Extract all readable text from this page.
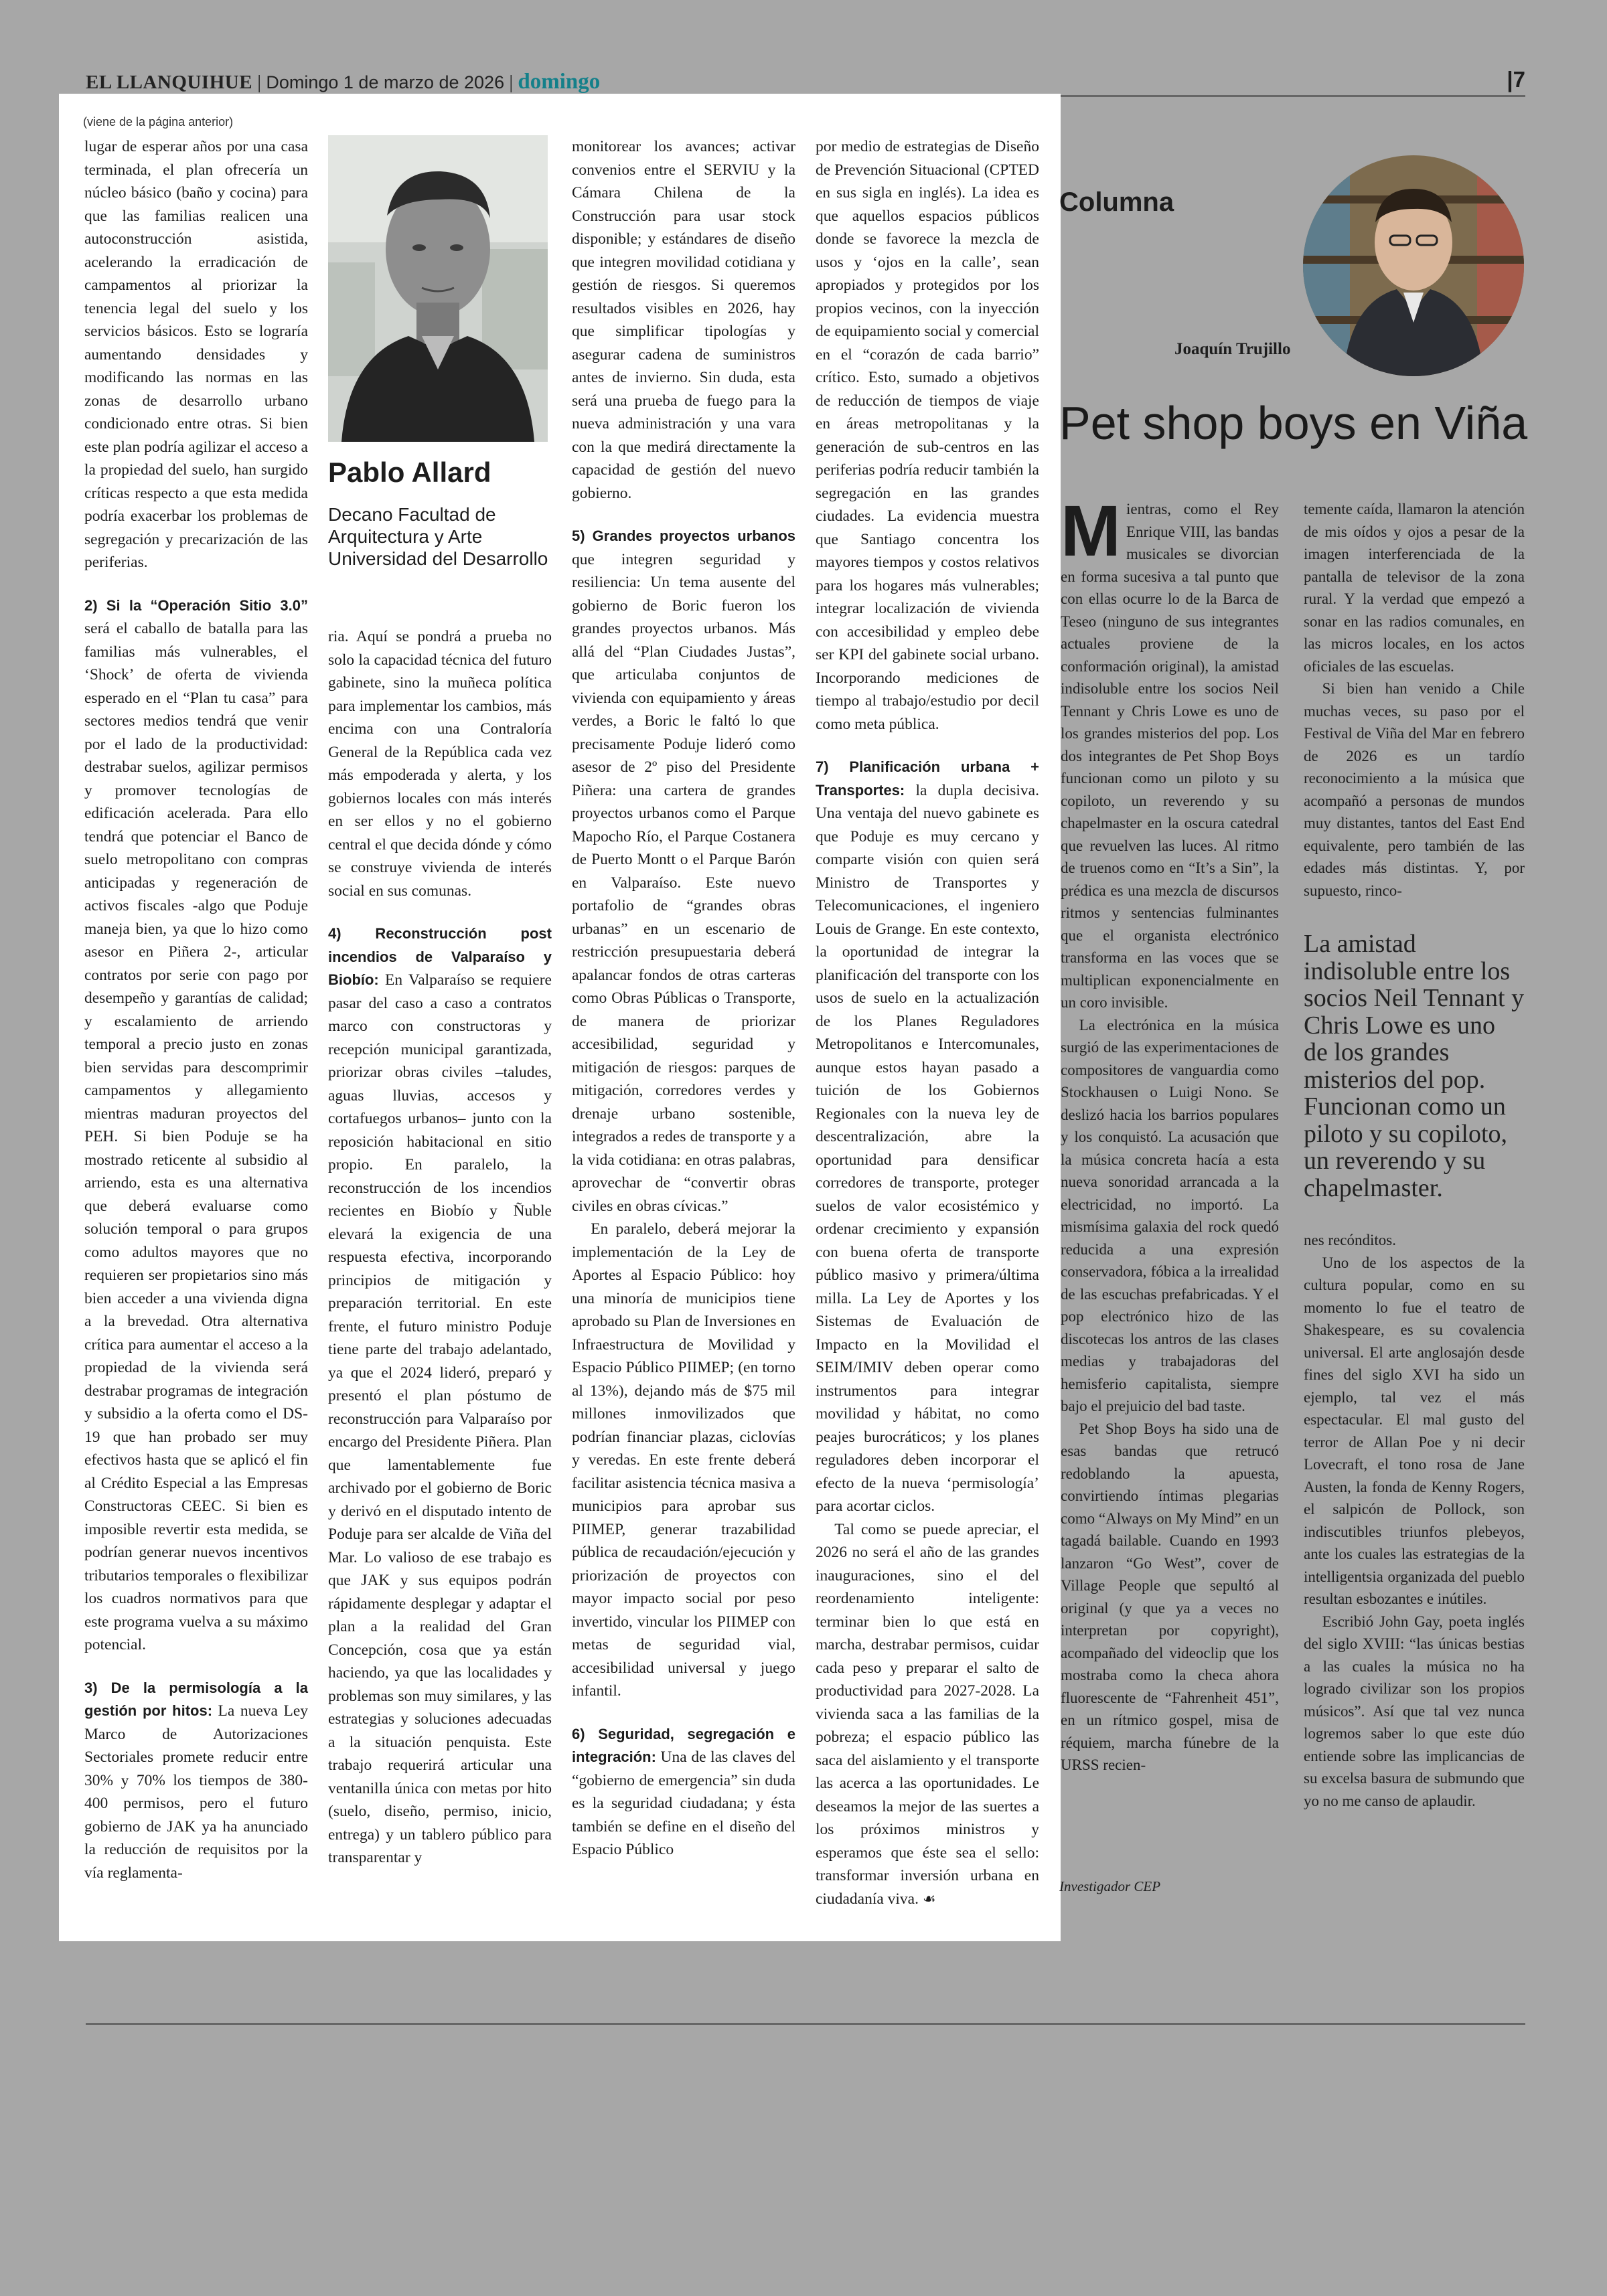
EL LLANQUIHUE | Domingo 1 de marzo de 2026 | domingo	|7
(viene de la página anterior)

lugar de esperar años por una casa terminada, el plan ofrecería un núcleo básico (baño y cocina) para que las familias realicen una autoconstrucción asistida, acelerando la erradicación de campamentos al priorizar la tenencia legal del suelo y los servicios básicos. Esto se lograría aumentando densidades y modificando las normas en las zonas de desarrollo urbano condicionado entre otras. Si bien este plan podría agilizar el acceso a la propiedad del suelo, han surgido críticas respecto a que esta medida podría exacerbar los problemas de segregación y precarización de las periferias.

2) Si la “Operación Sitio 3.0” será el caballo de batalla para las familias más vulnerables, el ‘Shock’ de oferta de vivienda esperado en el “Plan tu casa” para sectores medios tendrá que venir por el lado de la productividad: destrabar suelos, agilizar permisos y promover tecnologías de edificación acelerada. Para ello tendrá que potenciar el Banco de suelo metropolitano con compras anticipadas y regeneración de activos fiscales -algo que Poduje maneja bien, ya que lo hizo como asesor en Piñera 2-, articular contratos por serie con pago por desempeño y garantías de calidad; y escalamiento de arriendo temporal a precio justo en zonas bien servidas para descomprimir campamentos y allegamiento mientras maduran proyectos del PEH. Si bien Poduje se ha mostrado reticente al subsidio al arriendo, esta es una alternativa que deberá evaluarse como solución temporal o para grupos como adultos mayores que no requieren ser propietarios sino más bien acceder a una vivienda digna a la brevedad. Otra alternativa crítica para aumentar el acceso a la propiedad de la vivienda será destrabar programas de integración y subsidio a la oferta como el DS-19 que han probado ser muy efectivos hasta que se aplicó el fin al Crédito Especial a las Empresas Constructoras CEEC. Si bien es imposible revertir esta medida, se podrían generar nuevos incentivos tributarios temporales o flexibilizar los cuadros normativos para que este programa vuelva a su máximo potencial.

3) De la permisología a la gestión por hitos: La nueva Ley Marco de Autorizaciones Sectoriales promete reducir entre 30% y 70% los tiempos de 380-400 permisos, pero el futuro gobierno de JAK ya ha anunciado la reducción de requisitos por la vía reglamenta-

Pablo Allard
Decano Facultad de Arquitectura y Arte Universidad del Desarrollo

ria. Aquí se pondrá a prueba no solo la capacidad técnica del futuro gabinete, sino la muñeca política para implementar los cambios, más encima con una Contraloría General de la República cada vez más empoderada y alerta, y los gobiernos locales con más interés en ser ellos y no el gobierno central el que decida dónde y cómo se construye vivienda de interés social en sus comunas.

4) Reconstrucción post incendios de Valparaíso y Biobío: En Valparaíso se requiere pasar del caso a caso a contratos marco con constructoras y recepción municipal garantizada, priorizar obras civiles –taludes, aguas lluvias, accesos y cortafuegos urbanos– junto con la reposición habitacional en sitio propio. En paralelo, la reconstrucción de los incendios recientes en Biobío y Ñuble elevará la exigencia de una respuesta efectiva, incorporando principios de mitigación y preparación territorial. En este frente, el futuro ministro Poduje tiene parte del trabajo adelantado, ya que el 2024 lideró, preparó y presentó el plan póstumo de reconstrucción para Valparaíso por encargo del Presidente Piñera. Plan que lamentablemente fue archivado por el gobierno de Boric y derivó en el disputado intento de Poduje para ser alcalde de Viña del Mar. Lo valioso de ese trabajo es que JAK y sus equipos podrán rápidamente desplegar y adaptar el plan a la realidad del Gran Concepción, cosa que ya están haciendo, ya que las localidades y problemas son muy similares, y las estrategias y soluciones adecuadas a la situación penquista. Este trabajo requerirá articular una ventanilla única con metas por hito (suelo, diseño, permiso, inicio, entrega) y un tablero público para transparentar y

monitorear los avances; activar convenios entre el SERVIU y la Cámara Chilena de la Construcción para usar stock disponible; y estándares de diseño que integren movilidad cotidiana y gestión de riesgos. Si queremos resultados visibles en 2026, hay que simplificar tipologías y asegurar cadena de suministros antes de invierno. Sin duda, esta será una prueba de fuego para la nueva administración y una vara con la que medirá directamente la capacidad de gestión del nuevo gobierno.

5) Grandes proyectos urbanos que integren seguridad y resiliencia: Un tema ausente del gobierno de Boric fueron los grandes proyectos urbanos. Más allá del “Plan Ciudades Justas”, que articulaba conjuntos de vivienda con equipamiento y áreas verdes, a Boric le faltó lo que precisamente Poduje lideró como asesor de 2º piso del Presidente Piñera: una cartera de grandes proyectos urbanos como el Parque Mapocho Río, el Parque Costanera de Puerto Montt o el Parque Barón en Valparaíso. Este nuevo portafolio de “grandes obras urbanas” en un escenario de restricción presupuestaria deberá apalancar fondos de otras carteras como Obras Públicas o Transporte, de manera de priorizar accesibilidad, seguridad y mitigación de riesgos: parques de mitigación, corredores verdes y drenaje urbano sostenible, integrados a redes de transporte y a la vida cotidiana: en otras palabras, aprovechar de “convertir obras civiles en obras cívicas.”

En paralelo, deberá mejorar la implementación de la Ley de Aportes al Espacio Público: hoy una minoría de municipios tiene aprobado su Plan de Inversiones en Infraestructura de Movilidad y Espacio Público PIIMEP; (en torno al 13%), dejando más de $75 mil millones inmovilizados que podrían financiar plazas, ciclovías y veredas. En este frente deberá facilitar asistencia técnica masiva a municipios para aprobar sus PIIMEP, generar trazabilidad pública de recaudación/ejecución y priorización de proyectos con mayor impacto social por peso invertido, vincular los PIIMEP con metas de seguridad vial, accesibilidad universal y juego infantil.

6) Seguridad, segregación e integración: Una de las claves del “gobierno de emergencia” sin duda es la seguridad ciudadana; y ésta también se define en el diseño del Espacio Público

por medio de estrategias de Diseño de Prevención Situacional (CPTED en sus sigla en inglés). La idea es que aquellos espacios públicos donde se favorece la mezcla de usos y ‘ojos en la calle’, sean apropiados y protegidos por los propios vecinos, con la inyección de equipamiento social y comercial en el “corazón de cada barrio” crítico. Esto, sumado a objetivos de reducción de tiempos de viaje en áreas metropolitanas y la generación de sub-centros en las periferias podría reducir también la segregación en las grandes ciudades. La evidencia muestra que Santiago concentra los mayores tiempos y costos relativos para los hogares más vulnerables; integrar localización de vivienda con accesibilidad y empleo debe ser KPI del gabinete social urbano. Incorporando mediciones de tiempo al trabajo/estudio por decil como meta pública.

7) Planificación urbana + Transportes: la dupla decisiva. Una ventaja del nuevo gabinete es que Poduje es muy cercano y comparte visión con quien será Ministro de Transportes y Telecomunicaciones, el ingeniero Louis de Grange. En este contexto, la oportunidad de integrar la planificación del transporte con los usos de suelo en la actualización de los Planes Reguladores Metropolitanos e Intercomunales, aunque estos hayan pasado a tuición de los Gobiernos Regionales con la nueva ley de descentralización, abre la oportunidad para densificar corredores de transporte, proteger suelos de valor ecosistémico y ordenar crecimiento y expansión con buena oferta de transporte público masivo y primera/última milla. La Ley de Aportes y los Sistemas de Evaluación de Impacto en la Movilidad el SEIM/IMIV deben operar como instrumentos para integrar movilidad y hábitat, no como peajes burocráticos; y los planes reguladores deben incorporar el efecto de la nueva ‘permisología’ para acortar ciclos.

Tal como se puede apreciar, el 2026 no será el año de las grandes inauguraciones, sino el del reordenamiento inteligente: terminar bien lo que está en marcha, destrabar permisos, cuidar cada peso y preparar el salto de productividad para 2027-2028. La vivienda saca a las familias de la pobreza; el espacio público las saca del aislamiento y el transporte las acerca a las oportunidades. Le deseamos la mejor de las suertes a los próximos ministros y esperamos que éste sea el sello: transformar inversión urbana en ciudadanía viva. ☙

Columna
Joaquín Trujillo
Pet shop boys en Viña

Mientras, como el Rey Enrique VIII, las bandas musicales se divorcian en forma sucesiva a tal punto que con ellas ocurre lo de la Barca de Teseo (ninguno de sus integrantes actuales proviene de la conformación original), la amistad indisoluble entre los socios Neil Tennant y Chris Lowe es uno de los grandes misterios del pop. Los dos integrantes de Pet Shop Boys funcionan como un piloto y su copiloto, un reverendo y su chapelmaster en la oscura catedral que revuelven las luces. Al ritmo de truenos como en “It’s a Sin”, la prédica es una mezcla de discursos ritmos y sentencias fulminantes que el organista electrónico transforma en las voces que se multiplican exponencialmente en un coro invisible.

La electrónica en la música surgió de las experimentaciones de compositores de vanguardia como Stockhausen o Luigi Nono. Se deslizó hacia los barrios populares y los conquistó. La acusación que la música concreta hacía a esta nueva sonoridad arrancada a la electricidad, no importó. La mismísima galaxia del rock quedó reducida a una expresión conservadora, fóbica a la irrealidad de las escuchas prefabricadas. Y el pop electrónico hizo de las discotecas los antros de las clases medias y trabajadoras del hemisferio capitalista, siempre bajo el prejuicio del bad taste.

Pet Shop Boys ha sido una de esas bandas que retrucó redoblando la apuesta, convirtiendo íntimas plegarias como “Always on My Mind” en un tagadá bailable. Cuando en 1993 lanzaron “Go West”, cover de Village People que sepultó al original (y que ya a veces no interpretan por copyright), acompañado del videoclip que los mostraba como la checa ahora fluorescente de “Fahrenheit 451”, en un rítmico gospel, misa de réquiem, marcha fúnebre de la URSS recien-

temente caída, llamaron la atención de mis oídos y ojos a pesar de la imagen interferenciada de la pantalla de televisor de la zona rural. Y la verdad que empezó a sonar en las radios comunales, en las micros locales, en los actos oficiales de las escuelas.

Si bien han venido a Chile muchas veces, su paso por el Festival de Viña del Mar en febrero de 2026 es un tardío reconocimiento a la música que acompañó a personas de mundos muy distantes, tantos del East End equivalente, pero también de las edades más distintas. Y, por supuesto, rinco-

La amistad indisoluble entre los socios Neil Tennant y Chris Lowe es uno de los grandes misterios del pop. Funcionan como un piloto y su copiloto, un reverendo y su chapelmaster.

nes recónditos.

Uno de los aspectos de la cultura popular, como en su momento lo fue el teatro de Shakespeare, es su covalencia universal. El arte anglosajón desde fines del siglo XVI ha sido un ejemplo, tal vez el más espectacular. El mal gusto del terror de Allan Poe y ni decir Lovecraft, el tono rosa de Jane Austen, la fonda de Kenny Rogers, el salpicón de Pollock, son indiscutibles triunfos plebeyos, ante los cuales las estrategias de la intelligentsia organizada del pueblo resultan esbozantes e inútiles.

Escribió John Gay, poeta inglés del siglo XVIII: “las únicas bestias a las cuales la música no ha logrado civilizar son los propios músicos”. Así que tal vez nunca logremos saber lo que este dúo entiende sobre las implicancias de su excelsa basura de submundo que yo no me canso de aplaudir.

Investigador CEP
